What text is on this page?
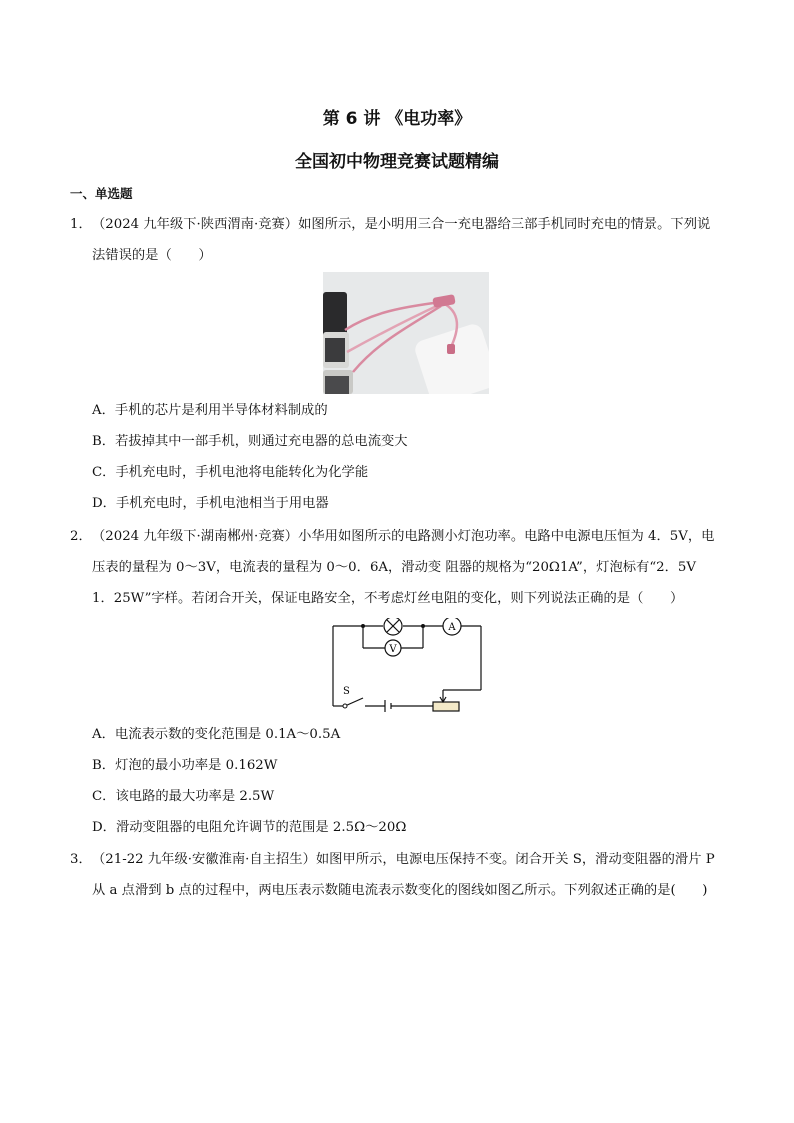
第 6 讲 《电功率》
全国初中物理竞赛试题精编
一、单选题
1． （2024 九年级下·陕西渭南·竞赛）如图所示，是小明用三合一充电器给三部手机同时充电的情景。下列说
法错误的是（　　）
A．手机的芯片是利用半导体材料制成的
B．若拔掉其中一部手机，则通过充电器的总电流变大
C．手机充电时，手机电池将电能转化为化学能
D．手机充电时，手机电池相当于用电器
2． （2024 九年级下·湖南郴州·竞赛）小华用如图所示的电路测小灯泡功率。电路中电源电压恒为 4．5V，电
压表的量程为 0～3V，电流表的量程为 0～0．6A，滑动变 阻器的规格为“20Ω1A”，灯泡标有“2．5V
1．25W”字样。若闭合开关，保证电路安全，不考虑灯丝电阻的变化，则下列说法正确的是（　　）
A
V
S
A．电流表示数的变化范围是 0.1A～0.5A
B．灯泡的最小功率是 0.162W
C．该电路的最大功率是 2.5W
D．滑动变阻器的电阻允许调节的范围是 2.5Ω～20Ω
3． （21-22 九年级·安徽淮南·自主招生）如图甲所示，电源电压保持不变。闭合开关 S，滑动变阻器的滑片 P
从 a 点滑到 b 点的过程中，两电压表示数随电流表示数变化的图线如图乙所示。下列叙述正确的是(　　)
